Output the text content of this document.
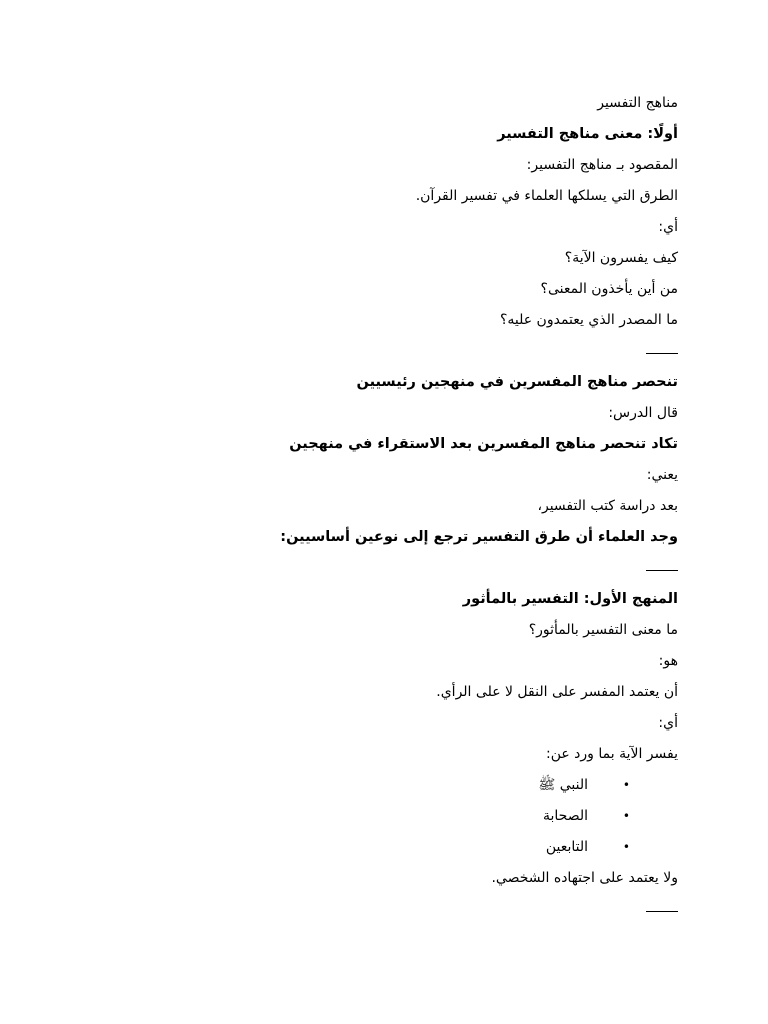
مناهج التفسير
أولًا: معنى مناهج التفسير
المقصود بـ مناهج التفسير:
الطرق التي يسلكها العلماء في تفسير القرآن.
أي:
كيف يفسرون الآية؟
من أين يأخذون المعنى؟
ما المصدر الذي يعتمدون عليه؟
تنحصر مناهج المفسرين في منهجين رئيسيين
قال الدرس:
تكاد تنحصر مناهج المفسرين بعد الاستقراء في منهجين
يعني:
بعد دراسة كتب التفسير،
وجد العلماء أن طرق التفسير ترجع إلى نوعين أساسيين:
المنهج الأول: التفسير بالمأثور
ما معنى التفسير بالمأثور؟
هو:
أن يعتمد المفسر على النقل لا على الرأي.
أي:
يفسر الآية بما ورد عن:
•
النبي ﷺ
•
الصحابة
•
التابعين
ولا يعتمد على اجتهاده الشخصي.
